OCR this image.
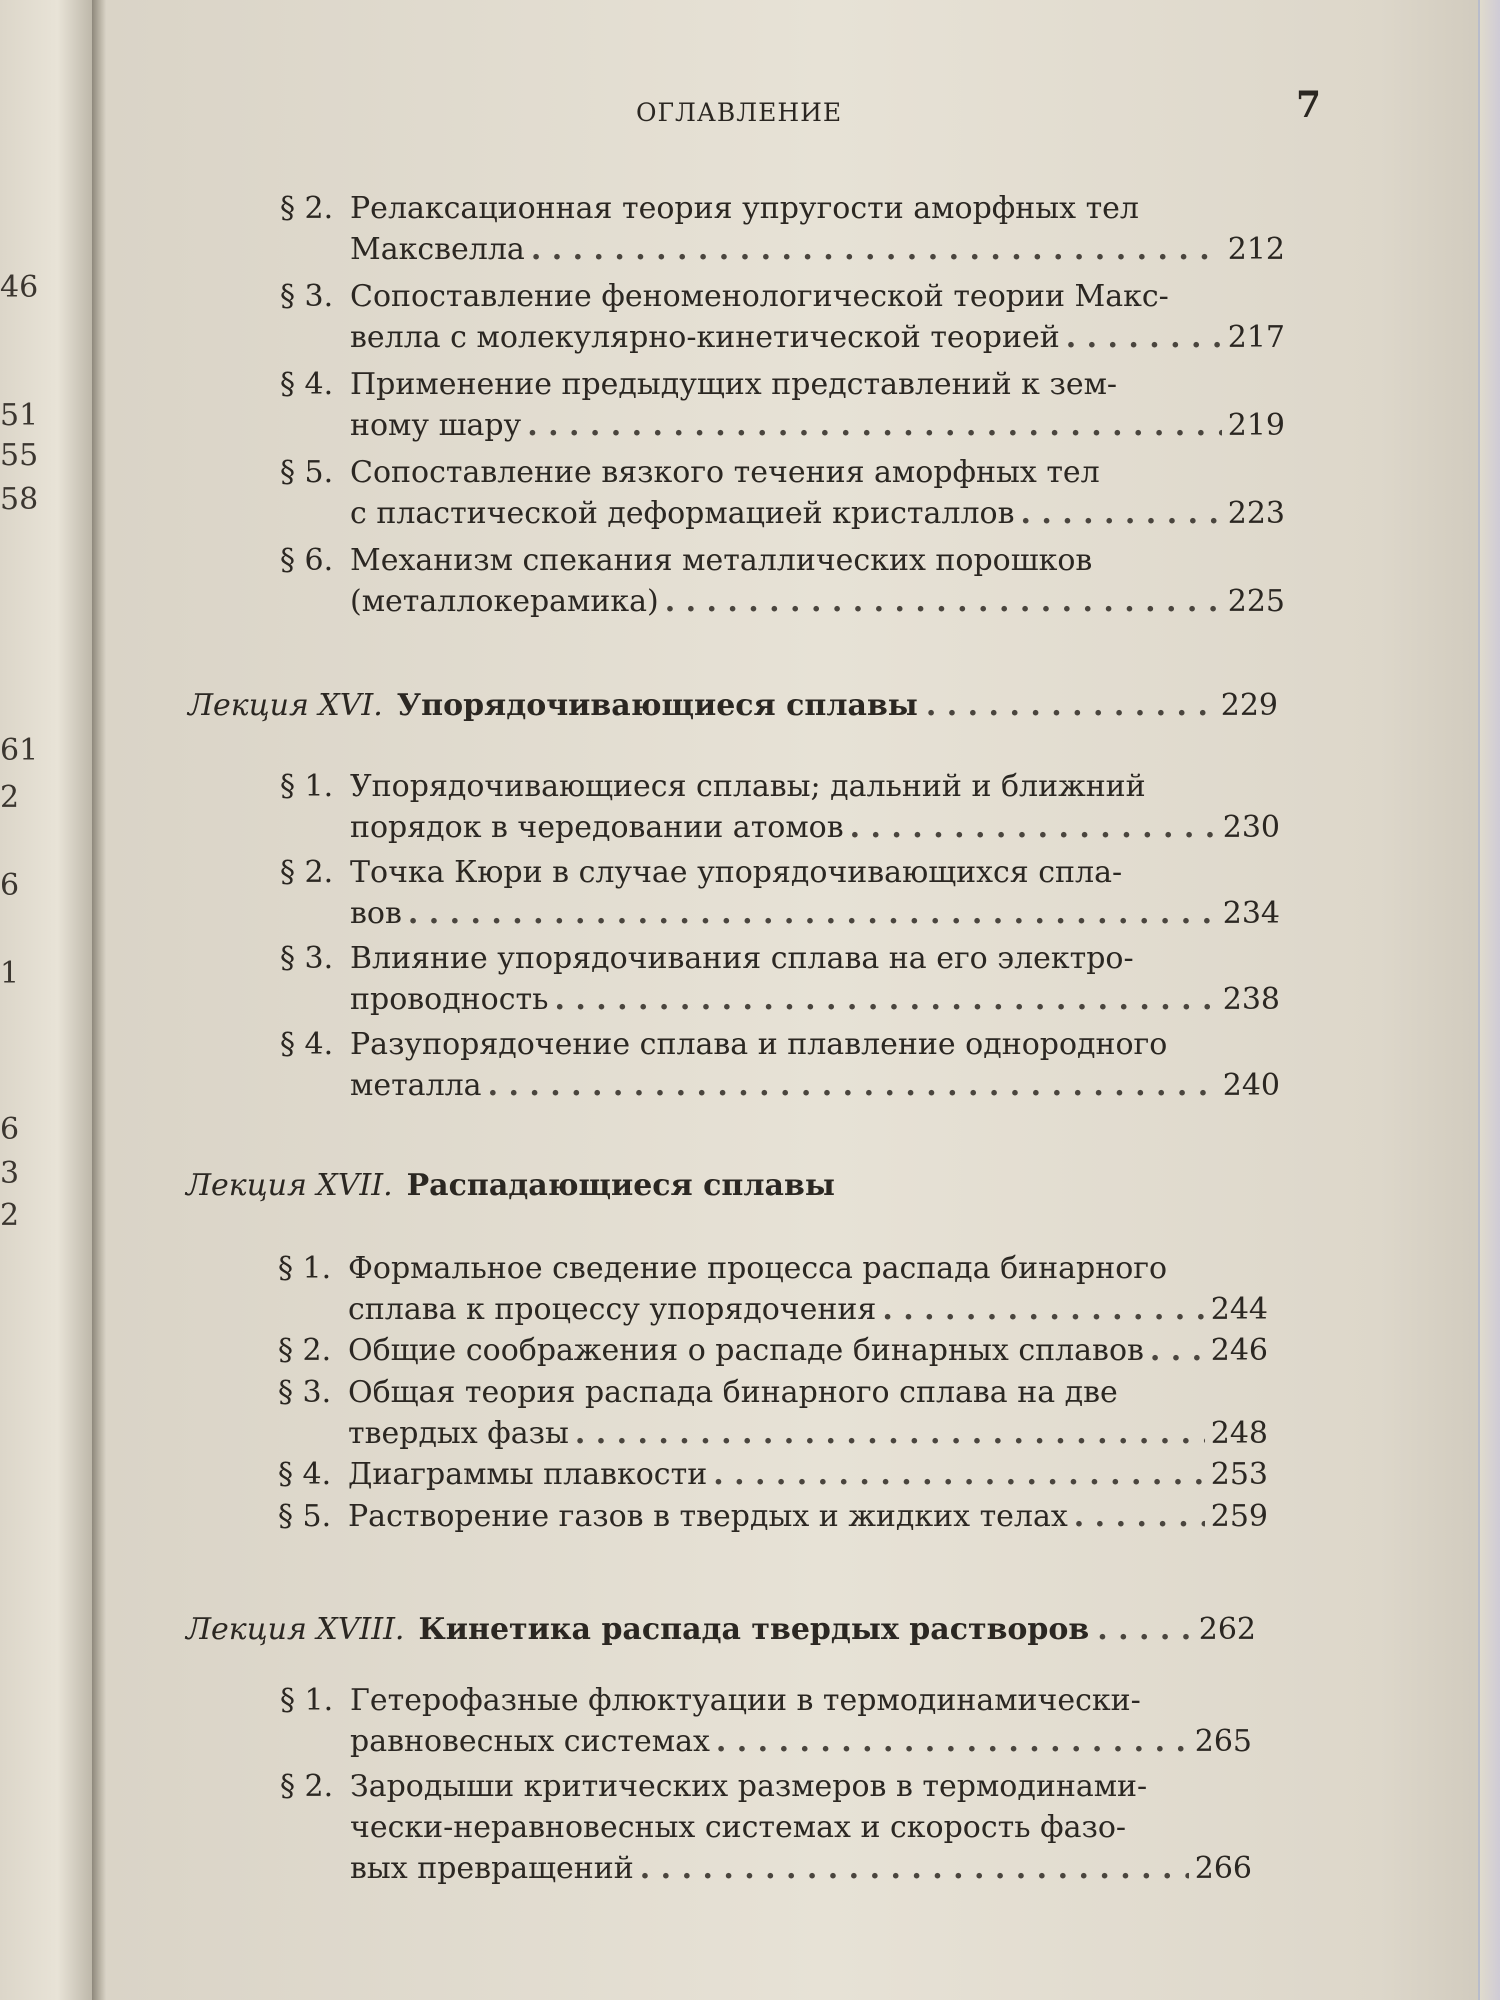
46
51
55
58
61
2
6
1
6
3
2
ОГЛАВЛЕНИЕ	7
§ 2. Релаксационная теория упругости аморфных тел
Максвелла . . .	212
§ 3. Сопоставление феноменологической теории Макс-
велла с молекулярно-кинетической теорией . . .	217
§ 4. Применение предыдущих представлений к зем-
ному шару . . .	219
§ 5. Сопоставление вязкого течения аморфных тел
с пластической деформацией кристаллов . . .	223
§ 6. Механизм спекания металлических порошков
(металлокерамика) . . .	225
Лекция XVI. Упорядочивающиеся сплавы . . .	229
§ 1. Упорядочивающиеся сплавы; дальний и ближний
порядок в чередовании атомов . . .	230
§ 2. Точка Кюри в случае упорядочивающихся спла-
вов . . .	234
§ 3. Влияние упорядочивания сплава на его электро-
проводность . . .	238
§ 4. Разупорядочение сплава и плавление однородного
металла . . .	240
Лекция XVII. Распадающиеся сплавы
§ 1. Формальное сведение процесса распада бинарного
сплава к процессу упорядочения . . .	244
§ 2. Общие соображения о распаде бинарных сплавов . . . 246
§ 3. Общая теория распада бинарного сплава на две
твердых фазы . . .	248
§ 4. Диаграммы плавкости . . .	253
§ 5. Растворение газов в твердых и жидких телах . . .	259
Лекция XVIII. Кинетика распада твердых растворов . . .	262
§ 1. Гетерофазные флюктуации в термодинамически-
равновесных системах . . .	265
§ 2. Зародыши критических размеров в термодинами-
чески-неравновесных системах и скорость фазо-
вых превращений . . .	266
